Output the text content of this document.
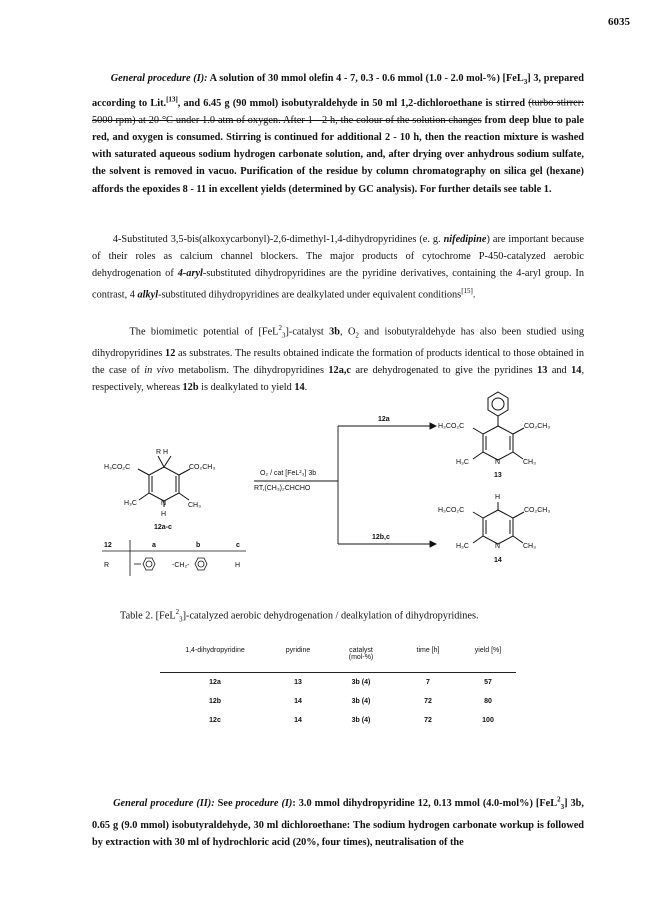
6035
General procedure (I): A solution of 30 mmol olefin 4 - 7, 0.3 - 0.6 mmol (1.0 - 2.0 mol-%) [FeL$_3$] 3, prepared according to Lit.[13], and 6.45 g (90 mmol) isobutyraldehyde in 50 ml 1,2-dichloroethane is stirred (turbo stirrer: 5000 rpm) at 20 °C under 1.0 atm of oxygen. After 1 - 2 h, the colour of the solution changes from deep blue to pale red, and oxygen is consumed. Stirring is continued for additional 2 - 10 h, then the reaction mixture is washed with saturated aqueous sodium hydrogen carbonate solution, and, after drying over anhydrous sodium sulfate, the solvent is removed in vacuo. Purification of the residue by column chromatography on silica gel (hexane) affords the epoxides 8 - 11 in excellent yields (determined by GC analysis). For further details see table 1.
4-Substituted 3,5-bis(alkoxycarbonyl)-2,6-dimethyl-1,4-dihydropyridines (e. g. nifedipine) are important because of their roles as calcium channel blockers. The major products of cytochrome P-450-catalyzed aerobic dehydrogenation of 4-aryl-substituted dihydropyridines are the pyridine derivatives, containing the 4-aryl group. In contrast, 4 alkyl-substituted dihydropyridines are dealkylated under equivalent conditions[15].
The biomimetic potential of [FeL$^2_3$]-catalyst 3b, $O_2$ and isobutyraldehyde has also been studied using dihydropyridines 12 as substrates. The results obtained indicate the formation of products identical to those obtained in the case of in vivo metabolism. The dihydropyridines 12a,c are dehydrogenated to give the pyridines 13 and 14, respectively, whereas 12b is dealkylated to yield 14.
R H
H₃CO₂C	CO₂CH₃
H₃C	N	CH₃
H
12a-c
12	a	b	c
R	-CH₂-	H
O₂ / cat [FeL²₃] 3b
RT,(CH₃)₂CHCHO
12a
12b,c
H₃CO₂C	CO₂CH₃
H₃C	N	CH₃
13
H
H₃CO₂C	CO₂CH₃
H₃C	N	CH₃
14
Table 2. [FeL$^2_3$]-catalyzed aerobic dehydrogenation / dealkylation of dihydropyridines.
1,4-dihydropyridine	pyridine	catalyst
(mol-%)
time [h]	yield [%]
12a	13	3b (4)	7	57
12b	14	3b (4)	72	80
12c	14	3b (4)	72	100
General procedure (II): See procedure (I): 3.0 mmol dihydropyridine 12, 0.13 mmol (4.0-mol%) [FeL$^2_3$] 3b, 0.65 g (9.0 mmol) isobutyraldehyde, 30 ml dichloroethane: The sodium hydrogen carbonate workup is followed by extraction with 30 ml of hydrochloric acid (20%, four times), neutralisation of the
